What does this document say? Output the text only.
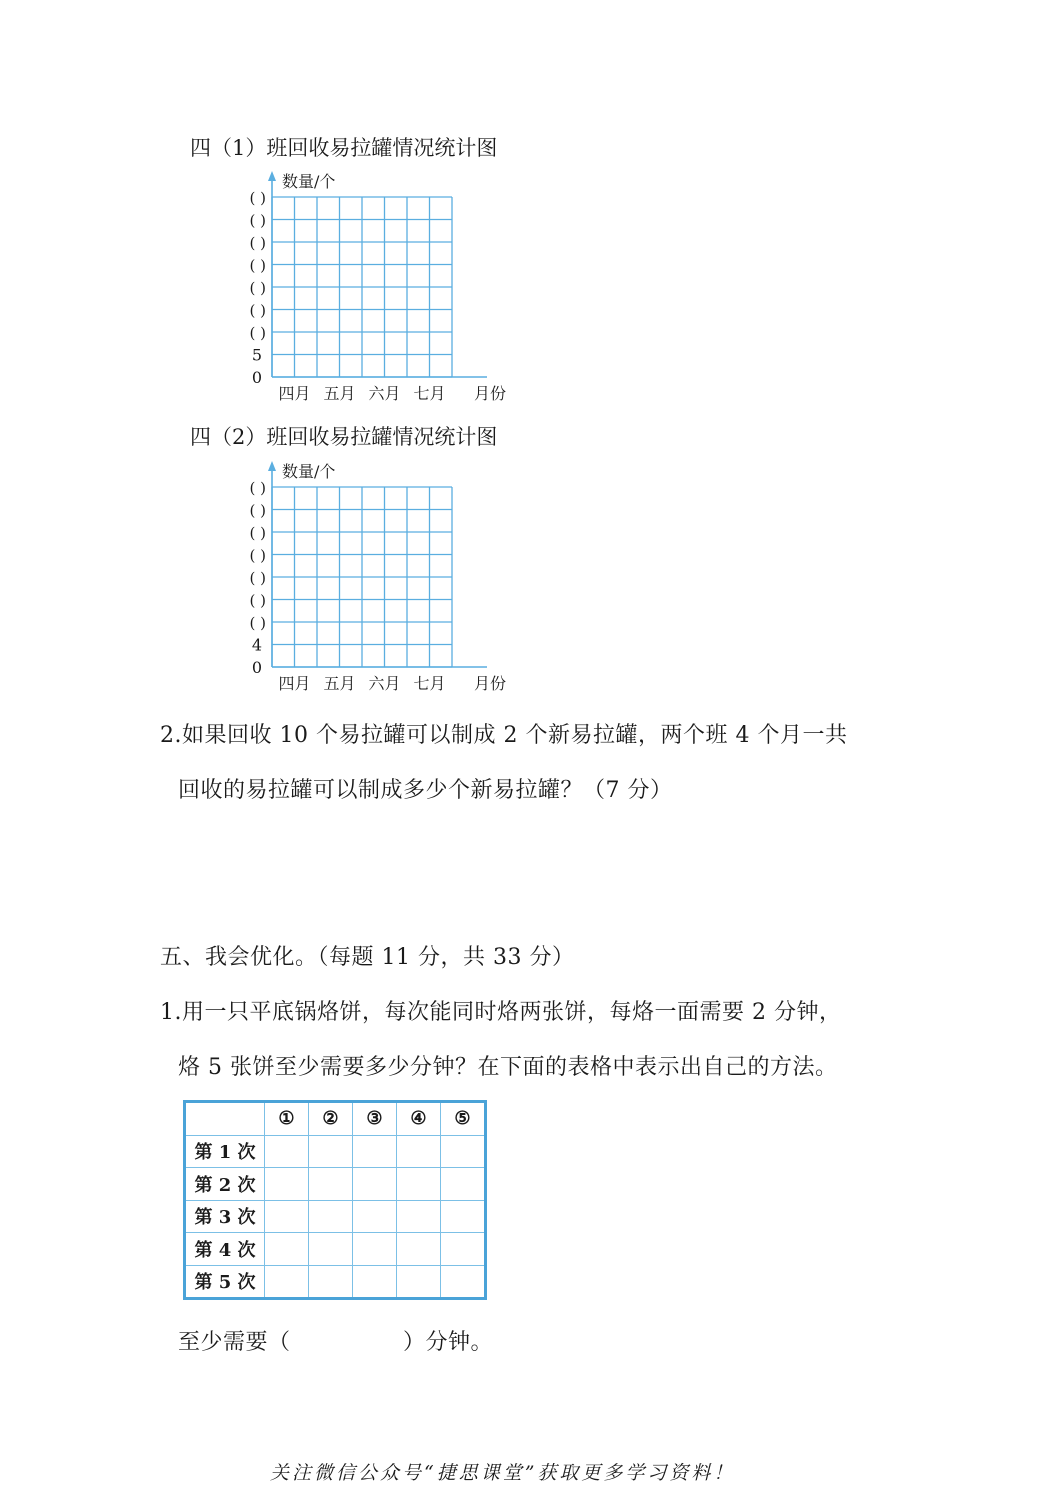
四（1）班回收易拉罐情况统计图
数量/个
0
5
( )
( )
( )
( )
( )
( )
( )
四月 五月 六月 七月 月份
四（2）班回收易拉罐情况统计图
数量/个
0
4
( )
( )
( )
( )
( )
( )
( )
四月 五月 六月 七月 月份
2.如果回收 10 个易拉罐可以制成 2 个新易拉罐，两个班 4 个月一共
回收的易拉罐可以制成多少个新易拉罐？（7 分）
五、我会优化。（每题 11 分，共 33 分）
1.用一只平底锅烙饼，每次能同时烙两张饼，每烙一面需要 2 分钟，
烙 5 张饼至少需要多少分钟？在下面的表格中表示出自己的方法。
	①	②	③	④	⑤
第 1 次					
第 2 次					
第 3 次					
第 4 次					
第 5 次					
至少需要（　　　　　）分钟。
关注微信公众号“捷思课堂”获取更多学习资料！
